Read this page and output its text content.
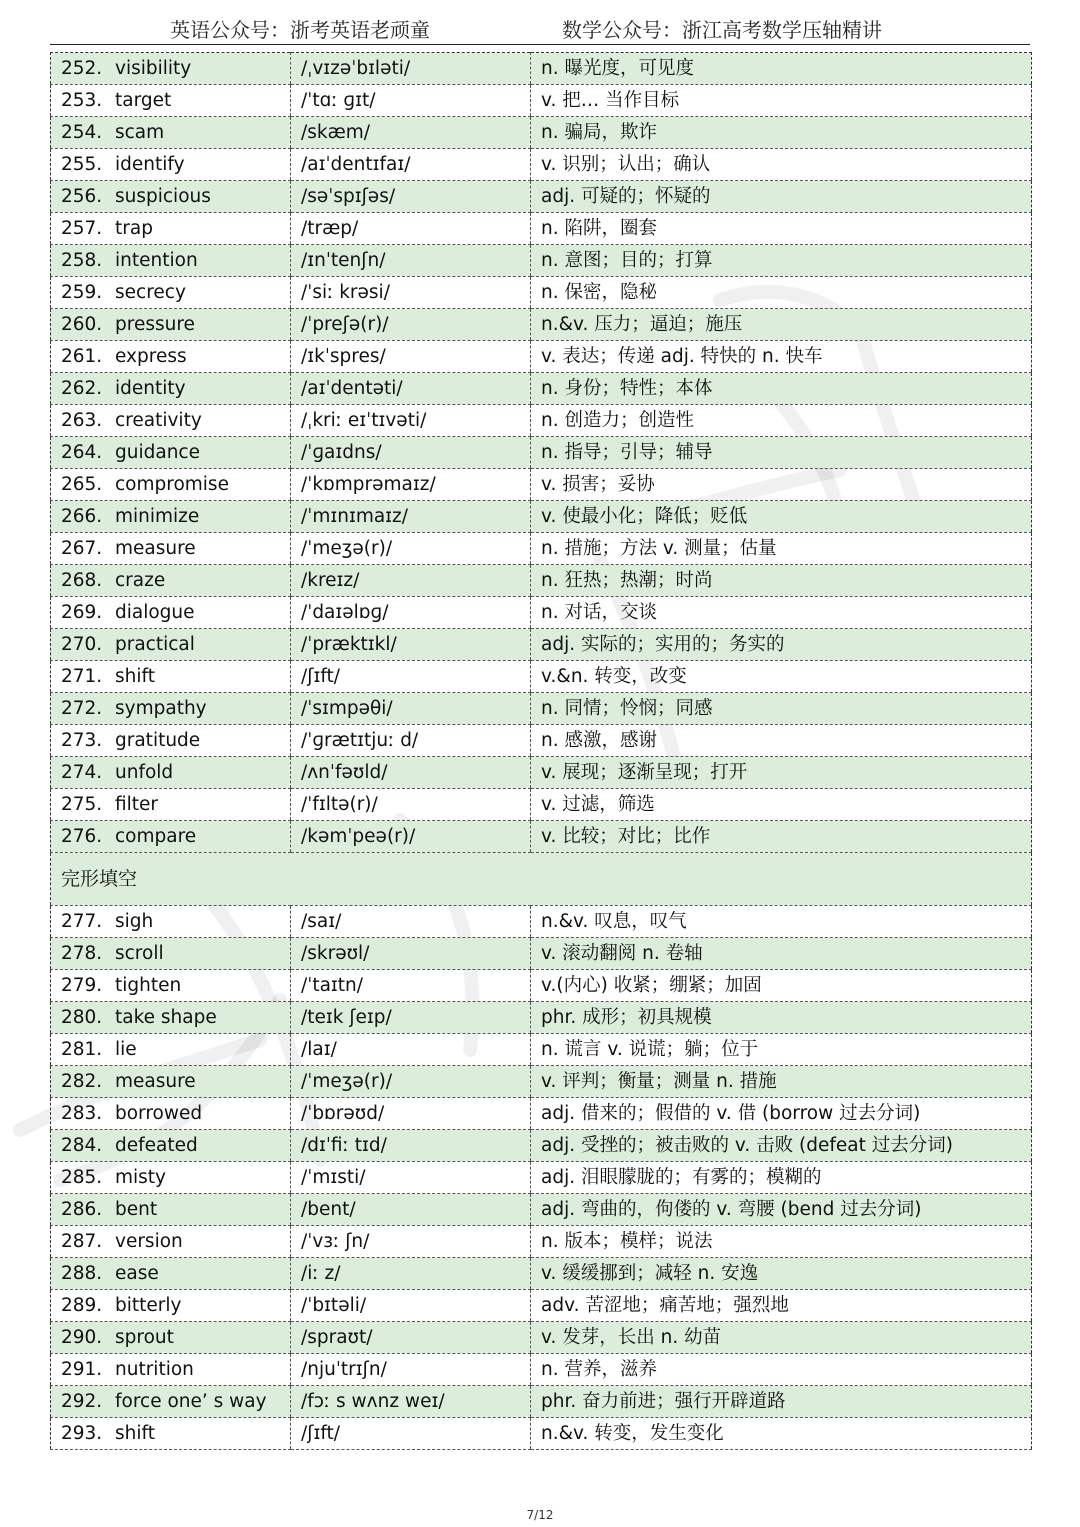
英语公众号：浙考英语老顽童	数学公众号：浙江高考数学压轴精讲
252. visibility	/ˌvɪzəˈbɪləti/	n. 曝光度，可见度
253. target	/ˈtɑː ɡɪt/	v. 把… 当作目标
254. scam	/skæm/	n. 骗局，欺诈
255. identify	/aɪˈdentɪfaɪ/	v. 识别；认出；确认
256. suspicious	/səˈspɪʃəs/	adj. 可疑的；怀疑的
257. trap	/træp/	n. 陷阱，圈套
258. intention	/ɪnˈtenʃn/	n. 意图；目的；打算
259. secrecy	/ˈsiː krəsi/	n. 保密，隐秘
260. pressure	/ˈpreʃə(r)/	n.&v. 压力；逼迫；施压
261. express	/ɪkˈspres/	v. 表达；传递 adj. 特快的 n. 快车
262. identity	/aɪˈdentəti/	n. 身份；特性；本体
263. creativity	/ˌkriː eɪˈtɪvəti/	n. 创造力；创造性
264. guidance	/ˈɡaɪdns/	n. 指导；引导；辅导
265. compromise	/ˈkɒmprəmaɪz/	v. 损害；妥协
266. minimize	/ˈmɪnɪmaɪz/	v. 使最小化；降低；贬低
267. measure	/ˈmeʒə(r)/	n. 措施；方法 v. 测量；估量
268. craze	/kreɪz/	n. 狂热；热潮；时尚
269. dialogue	/ˈdaɪəlɒɡ/	n. 对话，交谈
270. practical	/ˈpræktɪkl/	adj. 实际的；实用的；务实的
271. shift	/ʃɪft/	v.&n. 转变，改变
272. sympathy	/ˈsɪmpəθi/	n. 同情；怜悯；同感
273. gratitude	/ˈɡrætɪtjuː d/	n. 感激，感谢
274. unfold	/ʌnˈfəʊld/	v. 展现；逐渐呈现；打开
275. filter	/ˈfɪltə(r)/	v. 过滤，筛选
276. compare	/kəmˈpeə(r)/	v. 比较；对比；比作
完形填空		
277. sigh	/saɪ/	n.&v. 叹息，叹气
278. scroll	/skrəʊl/	v. 滚动翻阅 n. 卷轴
279. tighten	/ˈtaɪtn/	v.(内心) 收紧；绷紧；加固
280. take shape	/teɪk ʃeɪp/	phr. 成形；初具规模
281. lie	/laɪ/	n. 谎言 v. 说谎；躺；位于
282. measure	/ˈmeʒə(r)/	v. 评判；衡量；测量 n. 措施
283. borrowed	/ˈbɒrəʊd/	adj. 借来的；假借的 v. 借 (borrow 过去分词)
284. defeated	/dɪˈfiː tɪd/	adj. 受挫的；被击败的 v. 击败 (defeat 过去分词)
285. misty	/ˈmɪsti/	adj. 泪眼朦胧的；有雾的；模糊的
286. bent	/bent/	adj. 弯曲的，佝偻的 v. 弯腰 (bend 过去分词)
287. version	/ˈvɜː ʃn/	n. 版本；模样；说法
288. ease	/iː z/	v. 缓缓挪到；减轻 n. 安逸
289. bitterly	/ˈbɪtəli/	adv. 苦涩地；痛苦地；强烈地
290. sprout	/spraʊt/	v. 发芽，长出 n. 幼苗
291. nutrition	/njuˈtrɪʃn/	n. 营养，滋养
292. force one’ s way	/fɔː s wʌnz weɪ/	phr. 奋力前进；强行开辟道路
293. shift	/ʃɪft/	n.&v. 转变，发生变化
7/12
